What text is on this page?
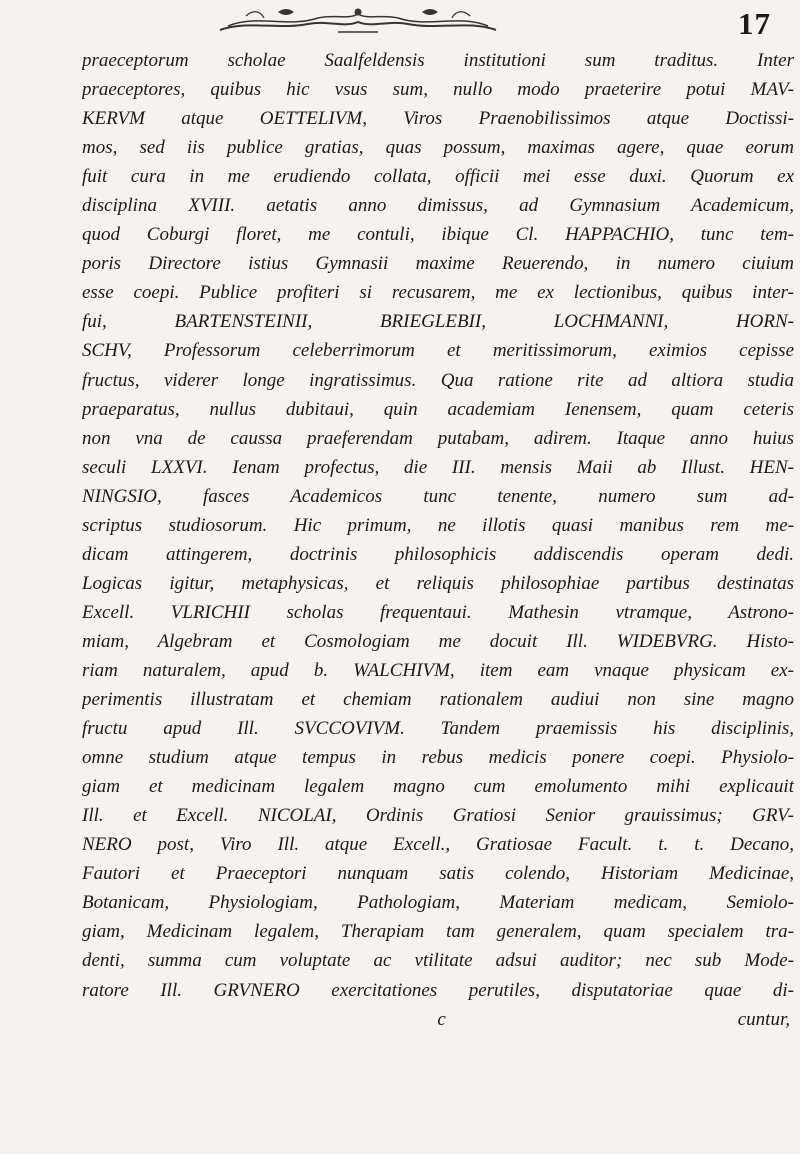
17
praeceptorum scholae Saalfeldensis institutioni sum traditus. Inter
praeceptores, quibus hic vsus sum, nullo modo praeterire potui MAV-
KERVM atque OETTELIVM, Viros Praenobilissimos atque Doctissi-
mos, sed iis publice gratias, quas possum, maximas agere, quae eorum
fuit cura in me erudiendo collata, officii mei esse duxi. Quorum ex
disciplina XVIII. aetatis anno dimissus, ad Gymnasium Academicum,
quod Coburgi floret, me contuli, ibique Cl. HAPPACHIO, tunc tem-
poris Directore istius Gymnasii maxime Reuerendo, in numero ciuium
esse coepi. Publice profiteri si recusarem, me ex lectionibus, quibus inter-
fui, BARTENSTEINII, BRIEGLEBII, LOCHMANNI, HORN-
SCHV, Professorum celeberrimorum et meritissimorum, eximios cepisse
fructus, viderer longe ingratissimus. Qua ratione rite ad altiora studia
praeparatus, nullus dubitaui, quin academiam Ienensem, quam ceteris
non vna de caussa praeferendam putabam, adirem. Itaque anno huius
seculi LXXVI. Ienam profectus, die III. mensis Maii ab Illust. HEN-
NINGSIO, fasces Academicos tunc tenente, numero sum ad-
scriptus studiosorum. Hic primum, ne illotis quasi manibus rem me-
dicam attingerem, doctrinis philosophicis addiscendis operam dedi.
Logicas igitur, metaphysicas, et reliquis philosophiae partibus destinatas
Excell. VLRICHII scholas frequentaui. Mathesin vtramque, Astrono-
miam, Algebram et Cosmologiam me docuit Ill. WIDEBVRG. Histo-
riam naturalem, apud b. WALCHIVM, item eam vnaque physicam ex-
perimentis illustratam et chemiam rationalem audiui non sine magno
fructu apud Ill. SVCCOVIVM. Tandem praemissis his disciplinis,
omne studium atque tempus in rebus medicis ponere coepi. Physiolo-
giam et medicinam legalem magno cum emolumento mihi explicauit
Ill. et Excell. NICOLAI, Ordinis Gratiosi Senior grauissimus; GRV-
NERO post, Viro Ill. atque Excell., Gratiosae Facult. t. t. Decano,
Fautori et Praeceptori nunquam satis colendo, Historiam Medicinae,
Botanicam, Physiologiam, Pathologiam, Materiam medicam, Semiolo-
giam, Medicinam legalem, Therapiam tam generalem, quam specialem tra-
denti, summa cum voluptate ac vtilitate adsui auditor; nec sub Mode-
ratore Ill. GRVNERO exercitationes perutiles, disputatoriae quae di-
c	cuntur,
